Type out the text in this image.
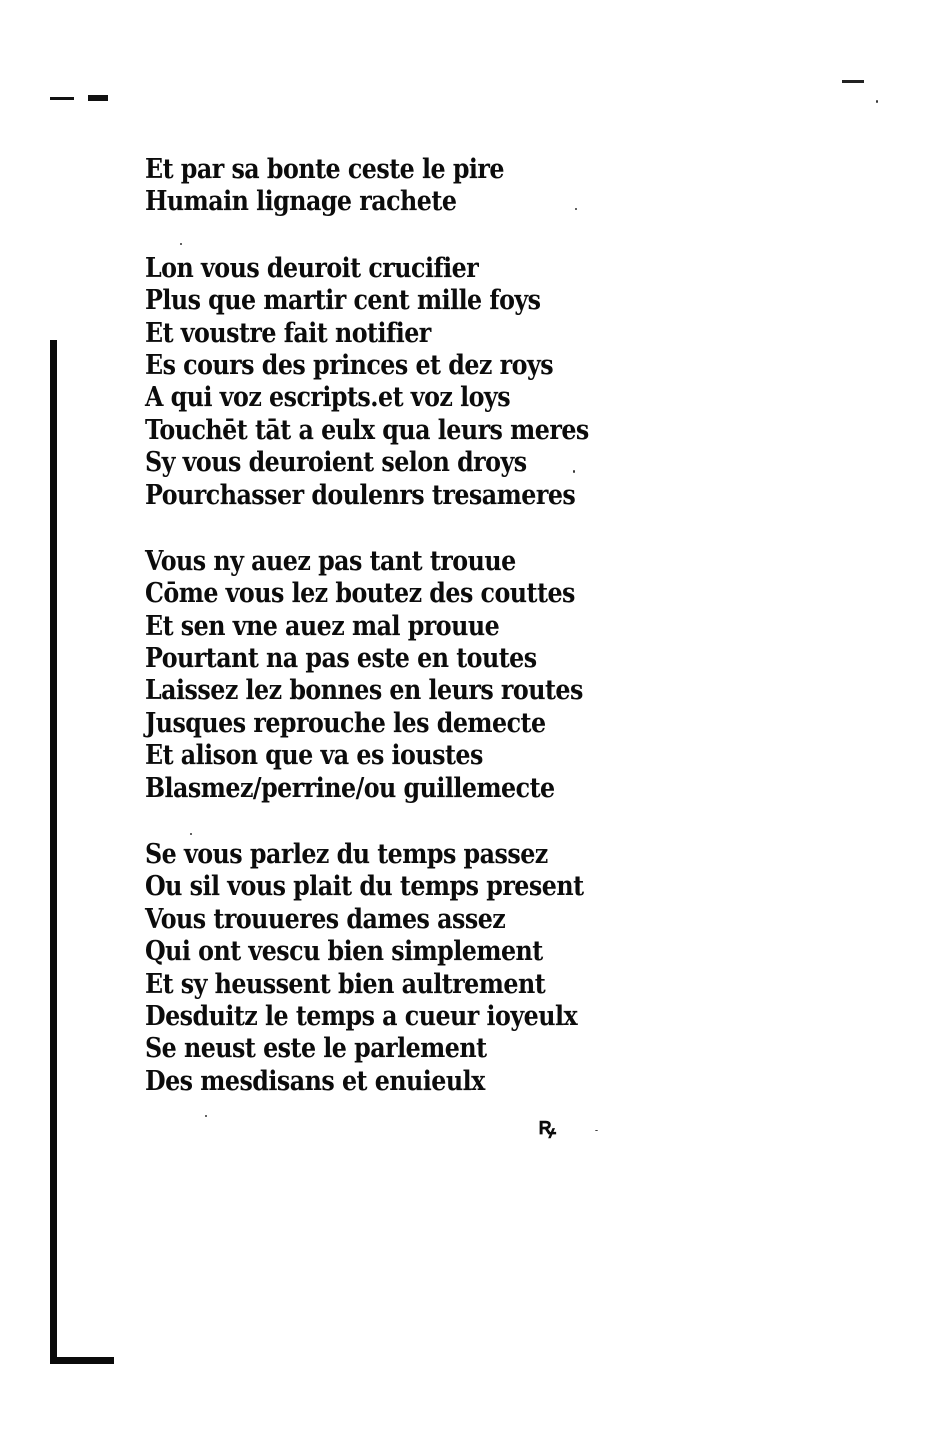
Et par sa bonte ceste le pire
Humain lignage rachete
Lon vous deuroit crucifier
Plus que martir cent mille foys
Et voustre fait notifier
Es cours des princes et dez roys
A qui voz escripts.et voz loys
Touchēt tāt a eulx qua leurs meres
Sy vous deuroient selon droys
Pourchasser doulenrs tresameres
Vous ny auez pas tant trouue
Cōme vous lez boutez des couttes
Et sen vne auez mal prouue
Pourtant na pas este en toutes
Laissez lez bonnes en leurs routes
Jusques reprouche les demecte
Et alison que va es ioustes
Blasmez/perrine/ou guillemecte
Se vous parlez du temps passez
Ou sil vous plait du temps present
Vous trouueres dames assez
Qui ont vescu bien simplement
Et sy heussent bien aultrement
Desduitz le temps a cueur ioyeulx
Se neust este le parlement
Des mesdisans et enuieulx
ꝶ
